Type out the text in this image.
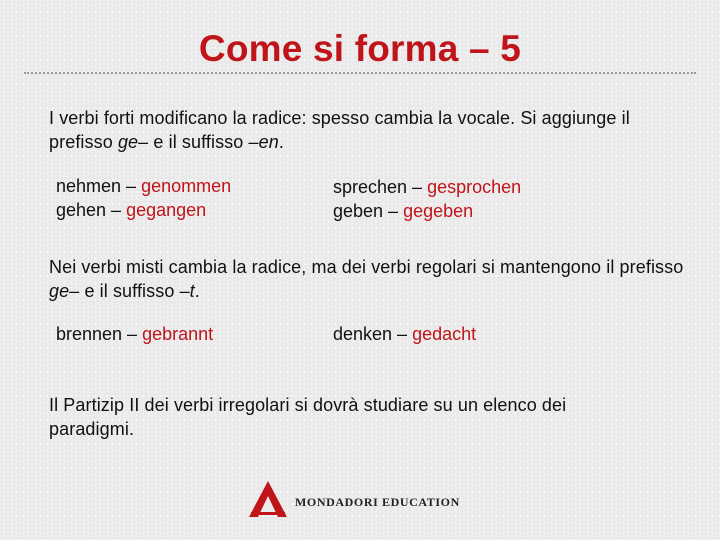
Come si forma – 5
I verbi forti modificano la radice: spesso cambia la vocale. Si aggiunge il prefisso ge– e il suffisso –en.
nehmen – genommen
gehen – gegangen
sprechen – gesprochen
geben – gegeben
Nei verbi misti cambia la radice, ma dei verbi regolari si mantengono il prefisso ge– e il suffisso –t.
brennen – gebrannt	denken – gedacht
Il Partizip II dei verbi irregolari si dovrà studiare su un elenco dei paradigmi.
MONDADORI EDUCATION
